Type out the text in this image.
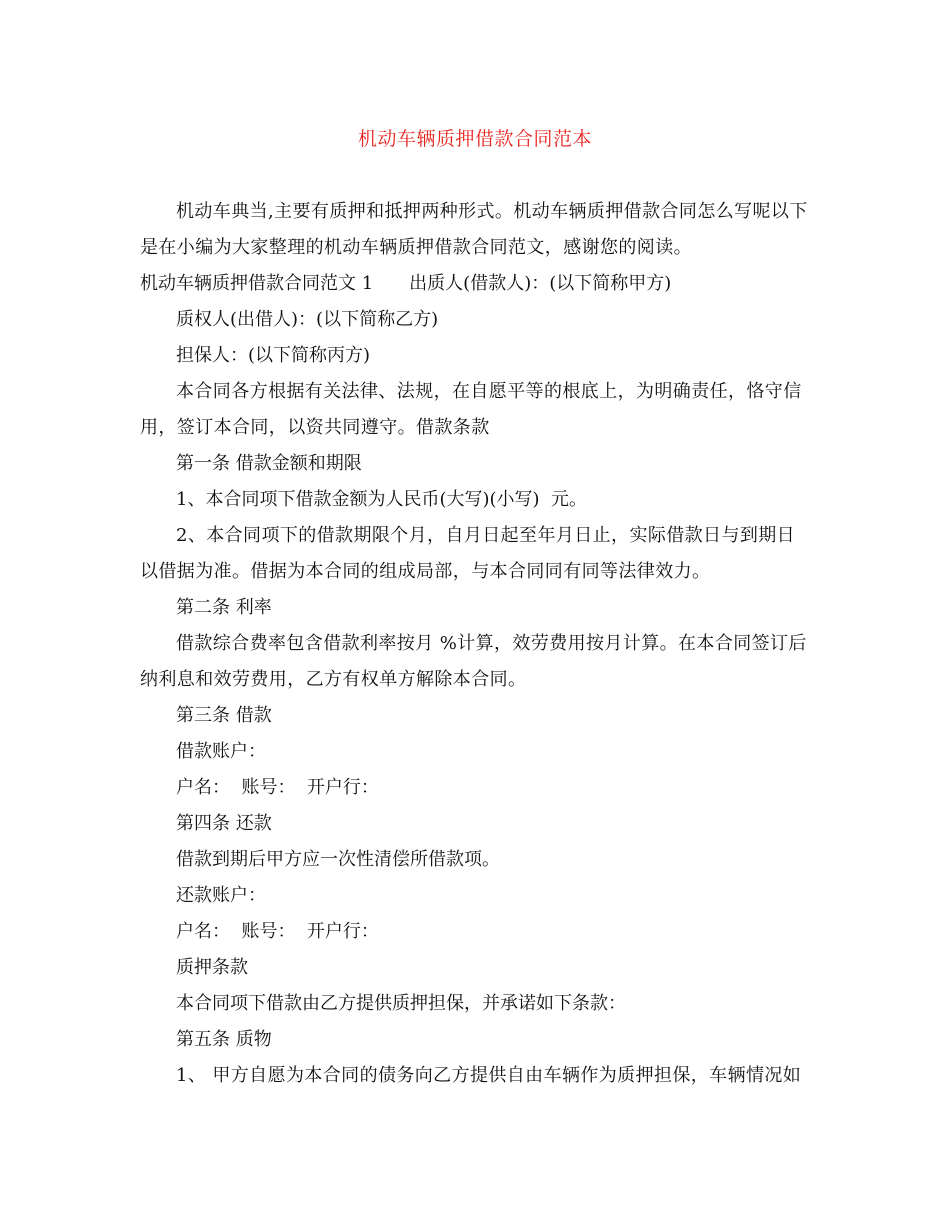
机动车辆质押借款合同范本

机动车典当,主要有质押和抵押两种形式。机动车辆质押借款合同怎么写呢以下是在小编为大家整理的机动车辆质押借款合同范文，感谢您的阅读。

机动车辆质押借款合同范文 1　　出质人(借款人)：(以下简称甲方)

质权人(出借人)：(以下简称乙方)

担保人：(以下简称丙方)

本合同各方根据有关法律、法规，在自愿平等的根底上，为明确责任，恪守信用，签订本合同，以资共同遵守。借款条款

第一条 借款金额和期限

1、本合同项下借款金额为人民币(大写)(小写)  元。

2、本合同项下的借款期限个月，自月日起至年月日止，实际借款日与到期日以借据为准。借据为本合同的组成局部，与本合同同有同等法律效力。

第二条 利率

借款综合费率包含借款利率按月 %计算，效劳费用按月计算。在本合同签订后纳利息和效劳费用，乙方有权单方解除本合同。

第三条 借款

借款账户：

户名：  账号：  开户行：

第四条 还款

借款到期后甲方应一次性清偿所借款项。

还款账户：

户名：  账号：  开户行：

质押条款

本合同项下借款由乙方提供质押担保，并承诺如下条款：

第五条 质物

1、 甲方自愿为本合同的债务向乙方提供自由车辆作为质押担保，车辆情况如
